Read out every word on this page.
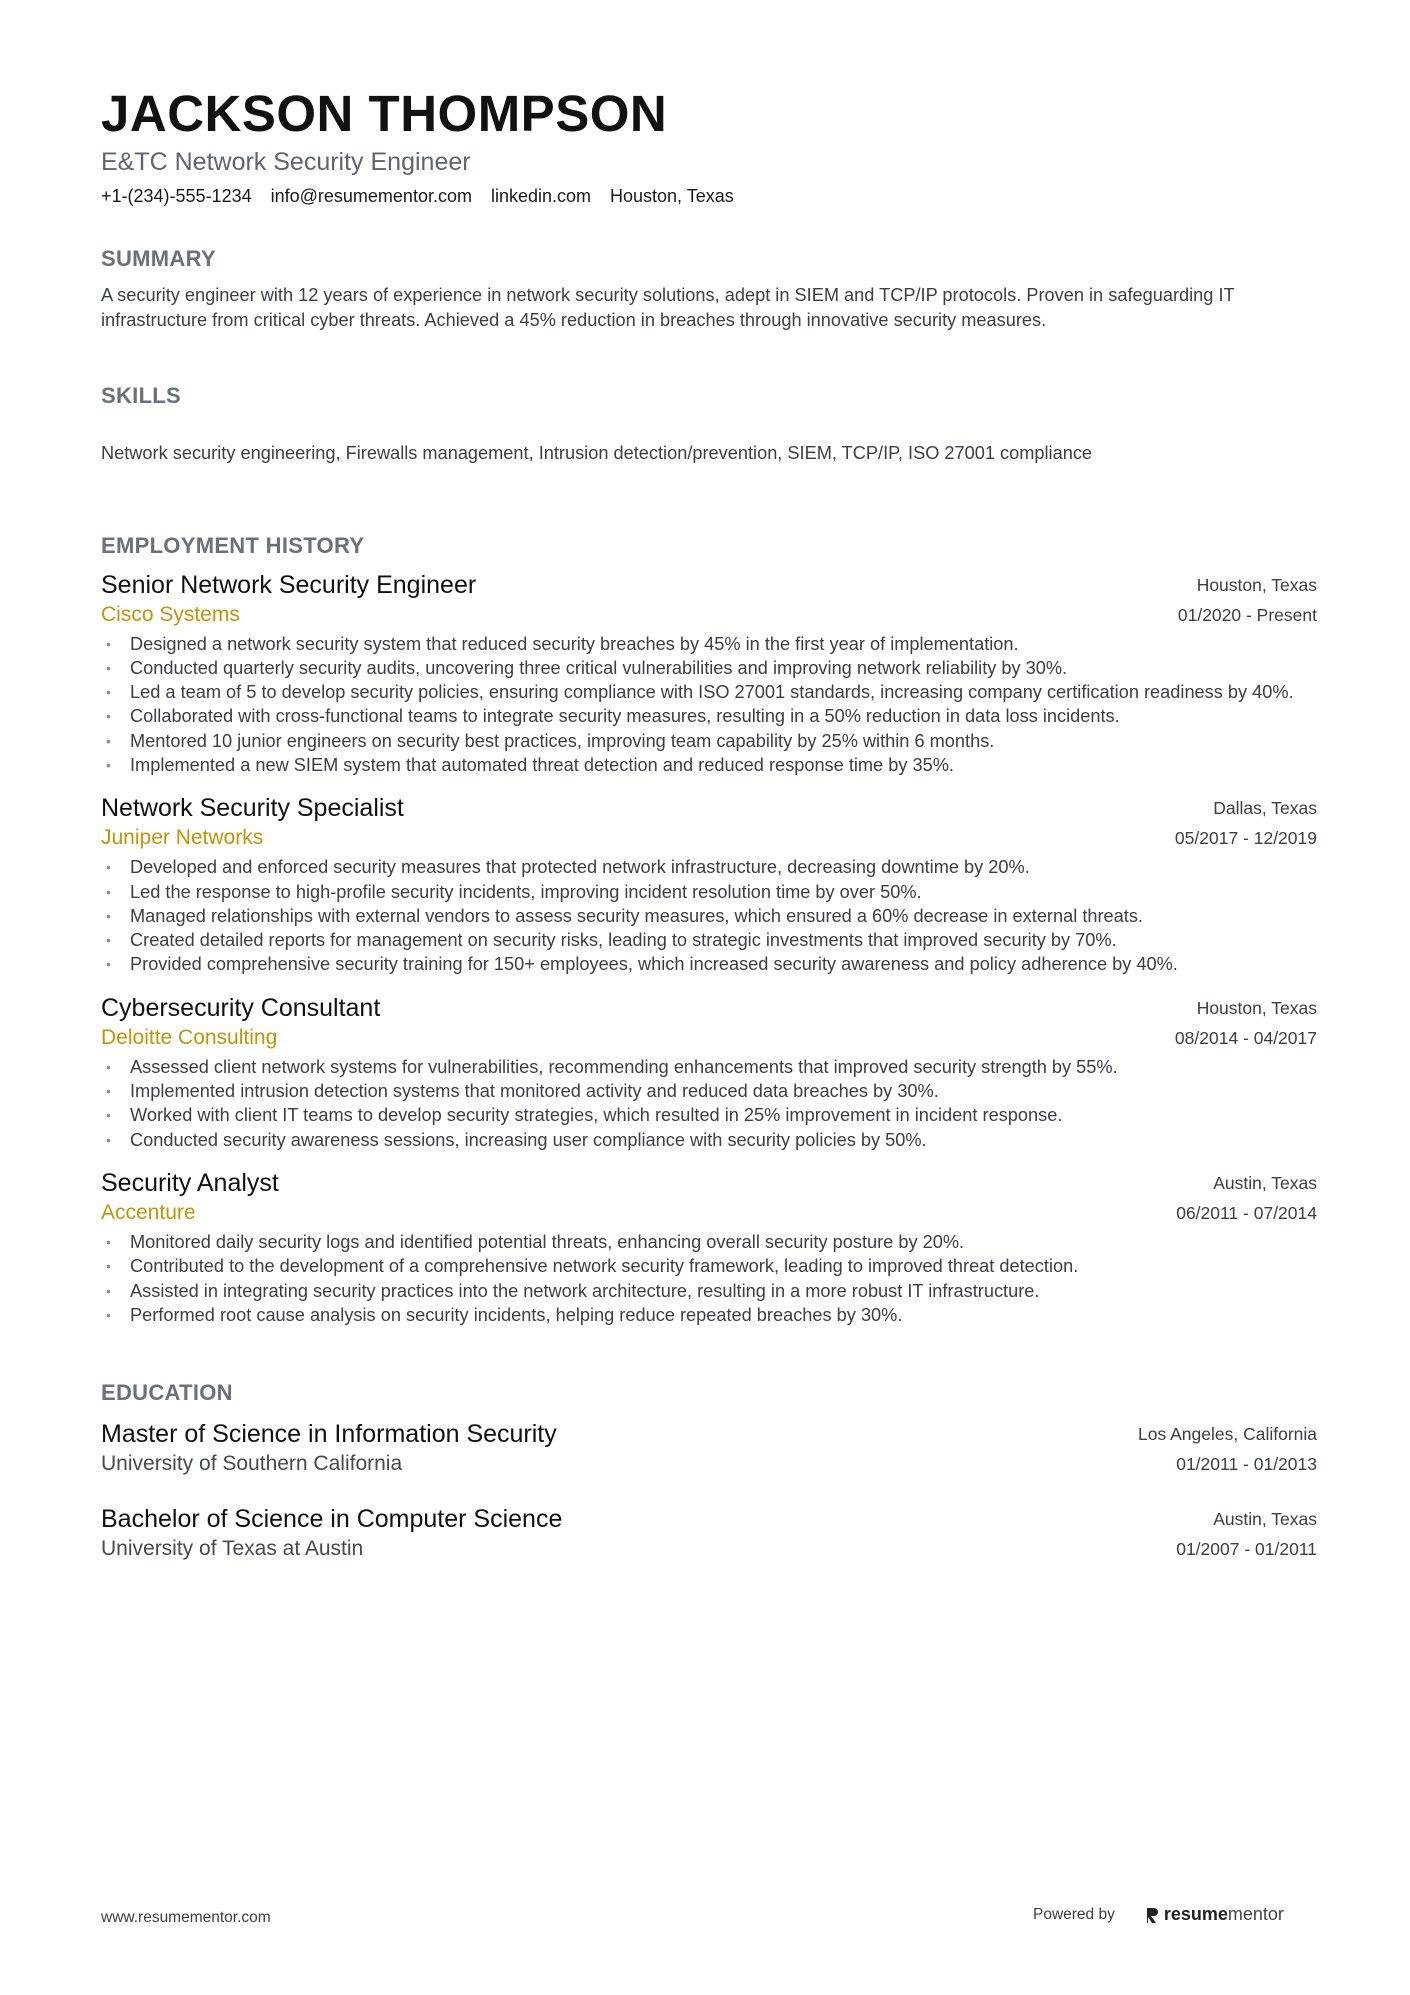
JACKSON THOMPSON
E&TC Network Security Engineer
+1-(234)-555-1234 info@resumementor.com linkedin.com Houston, Texas
SUMMARY
A security engineer with 12 years of experience in network security solutions, adept in SIEM and TCP/IP protocols. Proven in safeguarding IT infrastructure from critical cyber threats. Achieved a 45% reduction in breaches through innovative security measures.
SKILLS
Network security engineering, Firewalls management, Intrusion detection/prevention, SIEM, TCP/IP, ISO 27001 compliance
EMPLOYMENT HISTORY
Senior Network Security Engineer
Cisco Systems
Houston, Texas
01/2020 - Present
• Designed a network security system that reduced security breaches by 45% in the first year of implementation.
• Conducted quarterly security audits, uncovering three critical vulnerabilities and improving network reliability by 30%.
• Led a team of 5 to develop security policies, ensuring compliance with ISO 27001 standards, increasing company certification readiness by 40%.
• Collaborated with cross-functional teams to integrate security measures, resulting in a 50% reduction in data loss incidents.
• Mentored 10 junior engineers on security best practices, improving team capability by 25% within 6 months.
• Implemented a new SIEM system that automated threat detection and reduced response time by 35%.
Network Security Specialist
Juniper Networks
Dallas, Texas
05/2017 - 12/2019
• Developed and enforced security measures that protected network infrastructure, decreasing downtime by 20%.
• Led the response to high-profile security incidents, improving incident resolution time by over 50%.
• Managed relationships with external vendors to assess security measures, which ensured a 60% decrease in external threats.
• Created detailed reports for management on security risks, leading to strategic investments that improved security by 70%.
• Provided comprehensive security training for 150+ employees, which increased security awareness and policy adherence by 40%.
Cybersecurity Consultant
Deloitte Consulting
Houston, Texas
08/2014 - 04/2017
• Assessed client network systems for vulnerabilities, recommending enhancements that improved security strength by 55%.
• Implemented intrusion detection systems that monitored activity and reduced data breaches by 30%.
• Worked with client IT teams to develop security strategies, which resulted in 25% improvement in incident response.
• Conducted security awareness sessions, increasing user compliance with security policies by 50%.
Security Analyst
Accenture
Austin, Texas
06/2011 - 07/2014
• Monitored daily security logs and identified potential threats, enhancing overall security posture by 20%.
• Contributed to the development of a comprehensive network security framework, leading to improved threat detection.
• Assisted in integrating security practices into the network architecture, resulting in a more robust IT infrastructure.
• Performed root cause analysis on security incidents, helping reduce repeated breaches by 30%.
EDUCATION
Master of Science in Information Security
University of Southern California
Los Angeles, California
01/2011 - 01/2013
Bachelor of Science in Computer Science
University of Texas at Austin
Austin, Texas
01/2007 - 01/2011
www.resumementor.com	Powered by	resumementor
